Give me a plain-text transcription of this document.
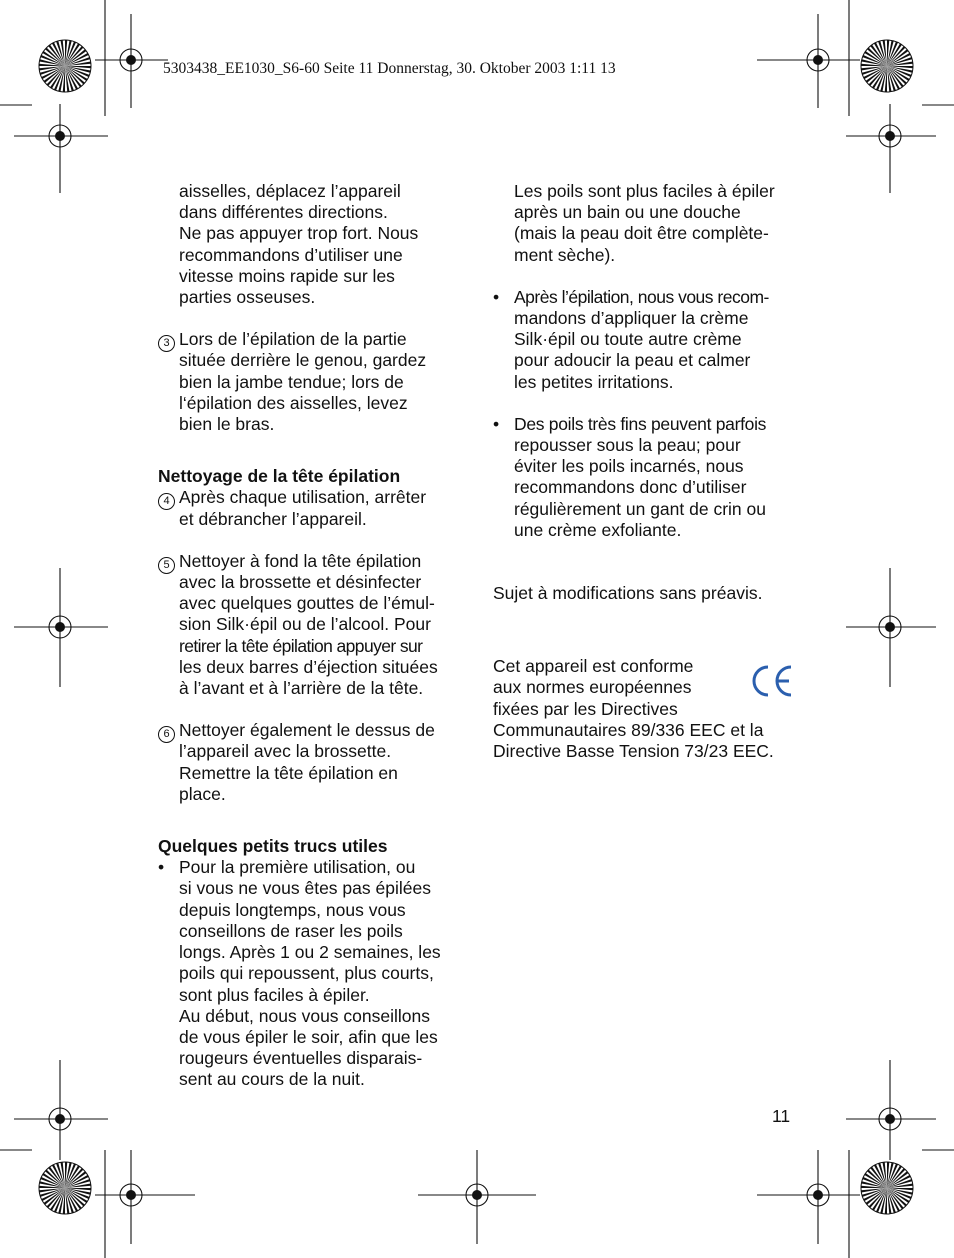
5303438_EE1030_S6-60 Seite 11 Donnerstag, 30. Oktober 2003 1:11 13
aisselles, déplacez l’appareil
dans différentes directions.
Ne pas appuyer trop fort. Nous
recommandons d’utiliser une
vitesse moins rapide sur les
parties osseuses.
3 Lors de l’épilation de la partie
située derrière le genou, gardez
bien la jambe tendue; lors de
l‘épilation des aisselles, levez
bien le bras.
Nettoyage de la tête épilation
4 Après chaque utilisation, arrêter
et débrancher l’appareil.
5 Nettoyer à fond la tête épilation
avec la brossette et désinfecter
avec quelques gouttes de l’émul-
sion Silk·épil ou de l’alcool. Pour
retirer la tête épilation appuyer sur
les deux barres d’éjection situées
à l’avant et à l’arrière de la tête.
6 Nettoyer également le dessus de
l’appareil avec la brossette.
Remettre la tête épilation en
place.
Quelques petits trucs utiles
• Pour la première utilisation, ou
si vous ne vous êtes pas épilées
depuis longtemps, nous vous
conseillons de raser les poils
longs. Après 1 ou 2 semaines, les
poils qui repoussent, plus courts,
sont plus faciles à épiler.
Au début, nous vous conseillons
de vous épiler le soir, afin que les
rougeurs éventuelles disparais-
sent au cours de la nuit.
Les poils sont plus faciles à épiler
après un bain ou une douche
(mais la peau doit être complète-
ment sèche).
• Après l’épilation, nous vous recom-
mandons d’appliquer la crème
Silk·épil ou toute autre crème
pour adoucir la peau et calmer
les petites irritations.
• Des poils très fins peuvent parfois
repousser sous la peau; pour
éviter les poils incarnés, nous
recommandons donc d’utiliser
régulièrement un gant de crin ou
une crème exfoliante.
Sujet à modifications sans préavis.
Cet appareil est conforme
aux normes européennes
fixées par les Directives
Communautaires 89/336 EEC et la
Directive Basse Tension 73/23 EEC.
11
